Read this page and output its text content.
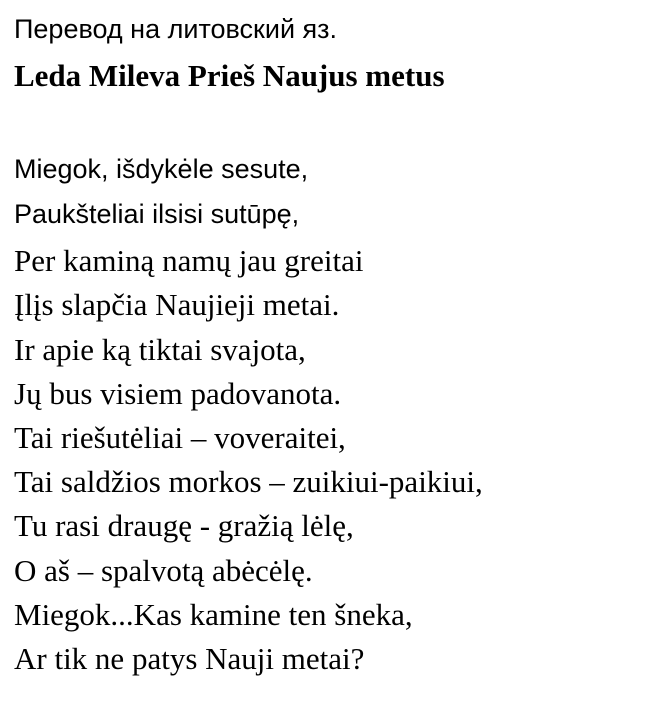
Перевод на литовский яз.
Leda Mileva Prieš Naujus metus
Miegok, išdykėle sesute,
Paukšteliai ilsisi sutūpę,
Per kaminą namų jau greitai
Įlįs slapčia Naujieji metai.
Ir apie ką tiktai svajota,
Jų bus visiem padovanota.
Tai riešutėliai – voveraitei,
Tai saldžios morkos – zuikiui-paikiui,
Tu rasi draugę - gražią lėlę,
O aš – spalvotą abėcėlę.
Miegok...Kas kamine ten šneka,
Ar tik ne patys Nauji metai?
